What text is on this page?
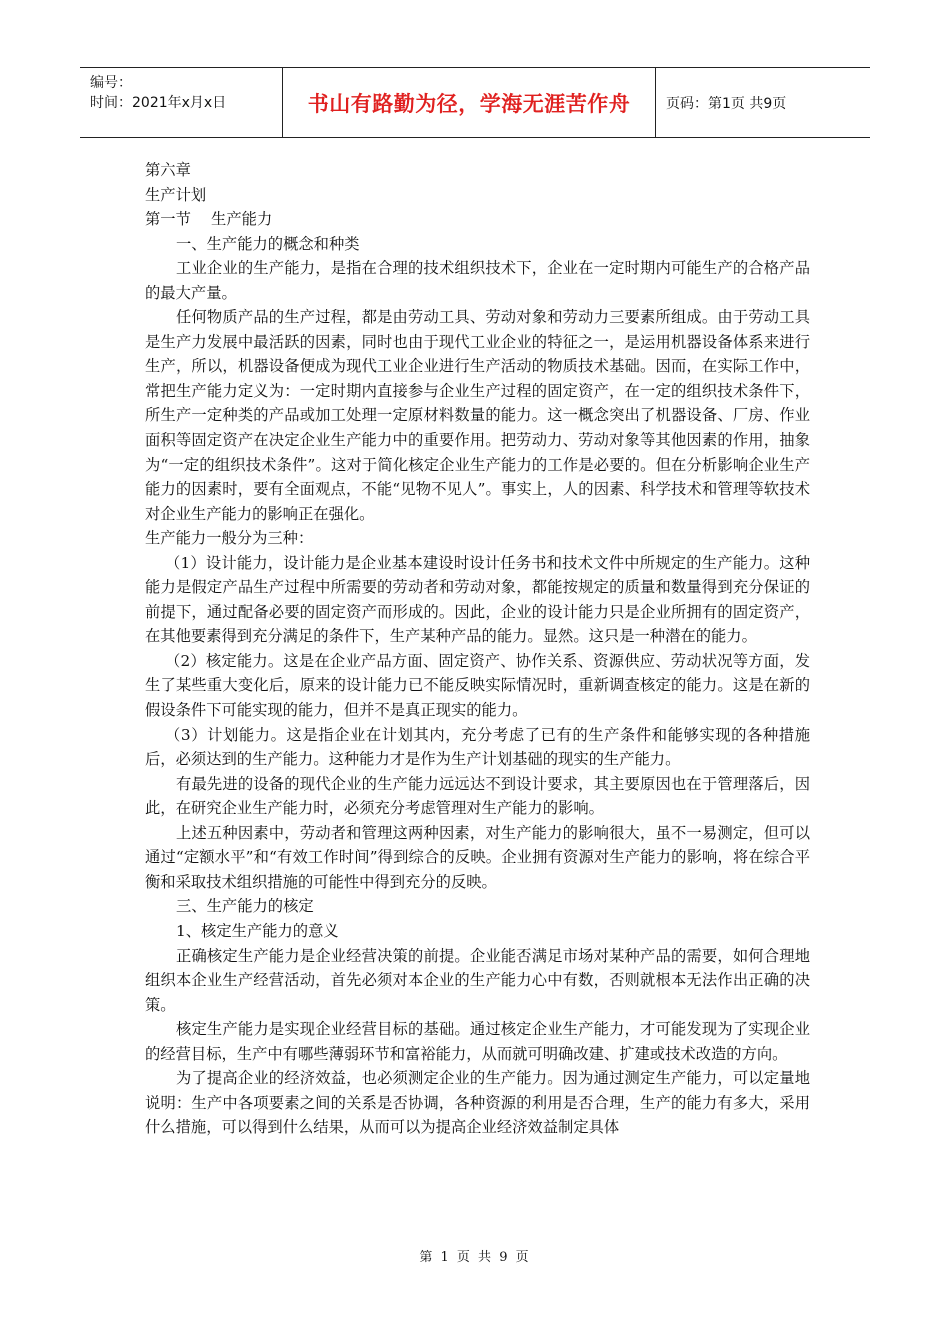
编号：
时间：2021年x月x日	书山有路勤为径，学海无涯苦作舟	页码：第1页 共9页

第六章

生产计划

第一节　 生产能力

一、生产能力的概念和种类

工业企业的生产能力，是指在合理的技术组织技术下，企业在一定时期内可能生产的合格产品的最大产量。

任何物质产品的生产过程，都是由劳动工具、劳动对象和劳动力三要素所组成。由于劳动工具是生产力发展中最活跃的因素，同时也由于现代工业企业的特征之一，是运用机器设备体系来进行生产，所以，机器设备便成为现代工业企业进行生产活动的物质技术基础。因而，在实际工作中，常把生产能力定义为：一定时期内直接参与企业生产过程的固定资产，在一定的组织技术条件下，所生产一定种类的产品或加工处理一定原材料数量的能力。这一概念突出了机器设备、厂房、作业面积等固定资产在决定企业生产能力中的重要作用。把劳动力、劳动对象等其他因素的作用，抽象为“一定的组织技术条件”。这对于简化核定企业生产能力的工作是必要的。但在分析影响企业生产能力的因素时，要有全面观点，不能“见物不见人”。事实上，人的因素、科学技术和管理等软技术对企业生产能力的影响正在强化。

生产能力一般分为三种：

（1）设计能力，设计能力是企业基本建设时设计任务书和技术文件中所规定的生产能力。这种能力是假定产品生产过程中所需要的劳动者和劳动对象，都能按规定的质量和数量得到充分保证的前提下，通过配备必要的固定资产而形成的。因此，企业的设计能力只是企业所拥有的固定资产，在其他要素得到充分满足的条件下，生产某种产品的能力。显然。这只是一种潜在的能力。

（2）核定能力。这是在企业产品方面、固定资产、协作关系、资源供应、劳动状况等方面，发生了某些重大变化后，原来的设计能力已不能反映实际情况时，重新调查核定的能力。这是在新的假设条件下可能实现的能力，但并不是真正现实的能力。

（3）计划能力。这是指企业在计划其内，充分考虑了已有的生产条件和能够实现的各种措施后，必须达到的生产能力。这种能力才是作为生产计划基础的现实的生产能力。

有最先进的设备的现代企业的生产能力远远达不到设计要求，其主要原因也在于管理落后，因此，在研究企业生产能力时，必须充分考虑管理对生产能力的影响。

上述五种因素中，劳动者和管理这两种因素，对生产能力的影响很大，虽不一易测定，但可以通过“定额水平”和“有效工作时间”得到综合的反映。企业拥有资源对生产能力的影响，将在综合平衡和采取技术组织措施的可能性中得到充分的反映。

三、生产能力的核定

1、核定生产能力的意义

正确核定生产能力是企业经营决策的前提。企业能否满足市场对某种产品的需要，如何合理地组织本企业生产经营活动，首先必须对本企业的生产能力心中有数，否则就根本无法作出正确的决策。

核定生产能力是实现企业经营目标的基础。通过核定企业生产能力，才可能发现为了实现企业的经营目标，生产中有哪些薄弱环节和富裕能力，从而就可明确改建、扩建或技术改造的方向。

为了提高企业的经济效益，也必须测定企业的生产能力。因为通过测定生产能力，可以定量地说明：生产中各项要素之间的关系是否协调，各种资源的利用是否合理，生产的能力有多大，采用什么措施，可以得到什么结果，从而可以为提高企业经济效益制定具体

第 1 页 共 9 页
